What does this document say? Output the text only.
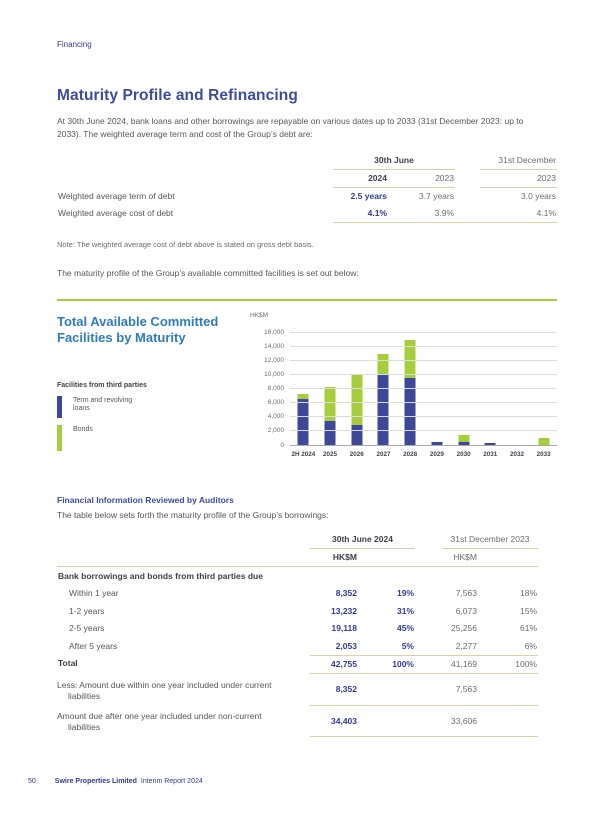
Financing
Maturity Profile and Refinancing

At 30th June 2024, bank loans and other borrowings are repayable on various dates up to 2033 (31st December 2023: up to 2033). The weighted average term and cost of the Group’s debt are:

30th June	31st December
2024	2023	2023
Weighted average term of debt	2.5 years	3.7 years	3.0 years
Weighted average cost of debt	4.1%	3.9%	4.1%

Note: The weighted average cost of debt above is stated on gross debt basis.

The maturity profile of the Group’s available committed facilities is set out below:

Total Available Committed Facilities by Maturity
Facilities from third parties
Term and revolving loans
Bonds
HK$M
2H 2024	2025	2026	2027	2028	2029	2030	2031	2032	2033
0
2,000
4,000
6,000
8,000
10,000
12,000
14,000
16,000
Financial Information Reviewed by Auditors

The table below sets forth the maturity profile of the Group’s borrowings:

30th June 2024	31st December 2023
HK$M	HK$M
Bank borrowings and bonds from third parties due
Within 1 year	8,352	19%	7,563	18%
1-2 years	13,232	31%	6,073	15%
2-5 years	19,118	45%	25,256	61%
After 5 years	2,053	5%	2,277	6%
Total	42,755	100%	41,169	100%
Less: Amount due within one year included under current liabilities
8,352	7,563
Amount due after one year included under non-current liabilities
34,403	33,606
50	Swire Properties Limited Interim Report 2024
